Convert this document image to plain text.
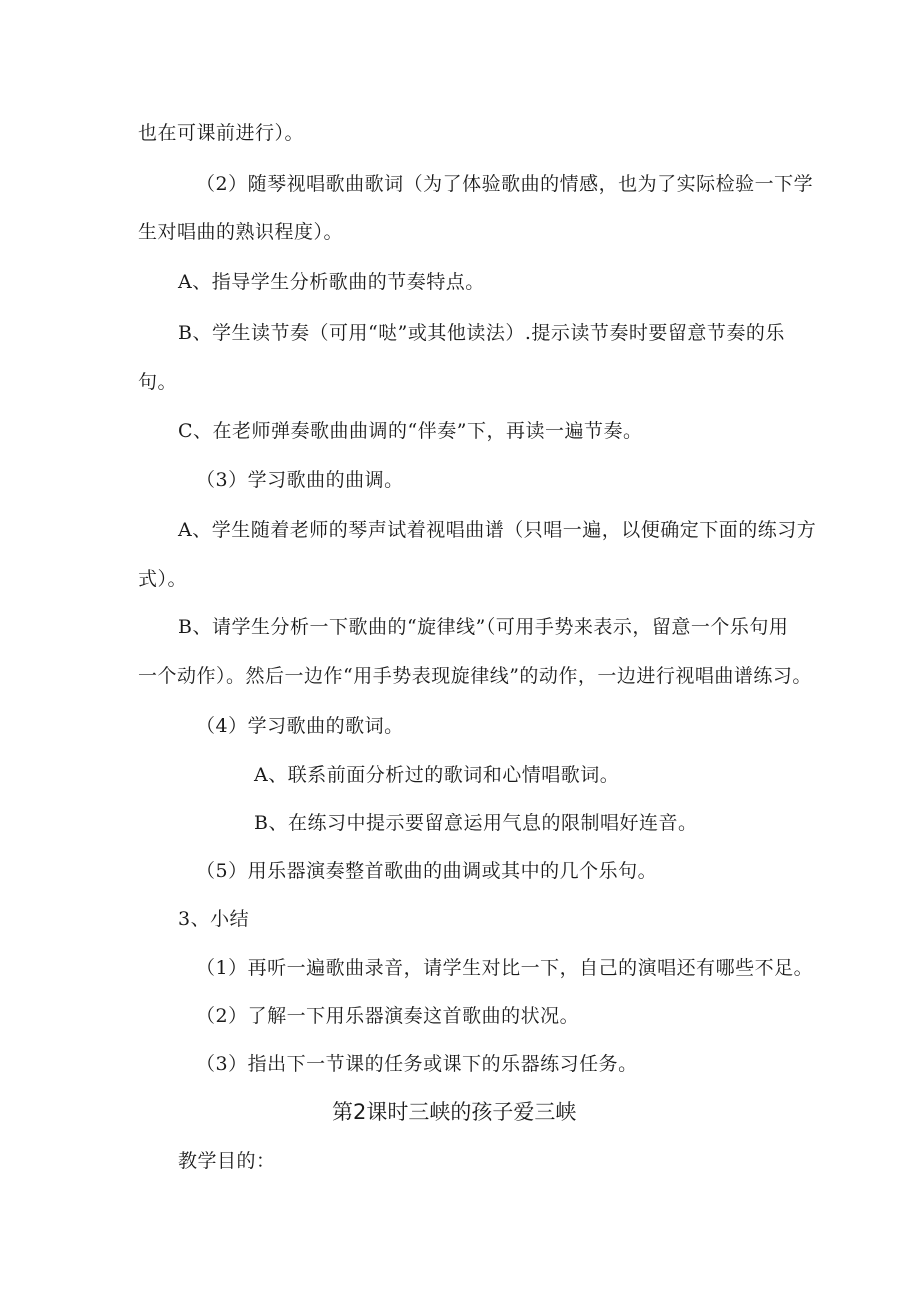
也在可课前进行）。
（2）随琴视唱歌曲歌词（为了体验歌曲的情感，也为了实际检验一下学
生对唱曲的熟识程度）。
A、指导学生分析歌曲的节奏特点。
B、学生读节奏（可用“哒”或其他读法）.提示读节奏时要留意节奏的乐
句。
C、在老师弹奏歌曲曲调的“伴奏”下，再读一遍节奏。
（3）学习歌曲的曲调。
A、学生随着老师的琴声试着视唱曲谱（只唱一遍，以便确定下面的练习方
式）。
B、请学生分析一下歌曲的“旋律线”（可用手势来表示，留意一个乐句用
一个动作）。然后一边作“用手势表现旋律线”的动作，一边进行视唱曲谱练习。
（4）学习歌曲的歌词。
A、联系前面分析过的歌词和心情唱歌词。
B、在练习中提示要留意运用气息的限制唱好连音。
（5）用乐器演奏整首歌曲的曲调或其中的几个乐句。
3、小结
（1）再听一遍歌曲录音，请学生对比一下，自己的演唱还有哪些不足。
（2）了解一下用乐器演奏这首歌曲的状况。
（3）指出下一节课的任务或课下的乐器练习任务。
第2课时三峡的孩子爱三峡
教学目的：
